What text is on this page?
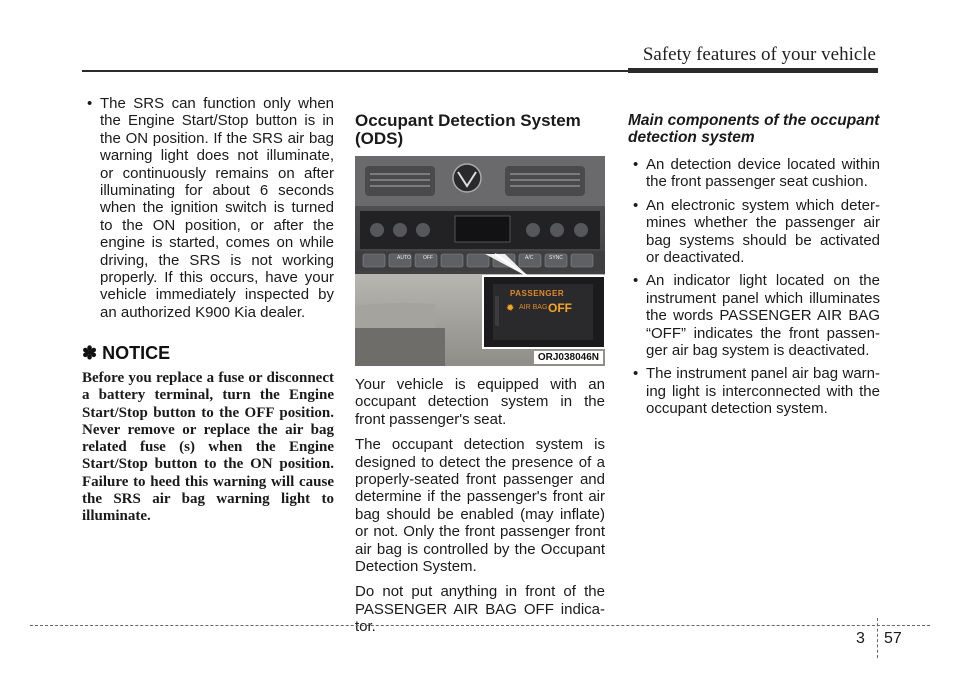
Safety features of your vehicle
• The SRS can function only when the Engine Start/Stop button is in the ON position. If the SRS air bag warning light does not illuminate, or continuously remains on after illuminating for about 6 seconds when the ignition switch is turned to the ON position, or after the engine is started, comes on while driving, the SRS is not working properly. If this occurs, have your vehicle immediately inspected by an authorized K900 Kia dealer.
✽ NOTICE

Before you replace a fuse or disconnect a battery terminal, turn the Engine Start/Stop button to the OFF position. Never remove or replace the air bag related fuse (s) when the Engine Start/Stop button to the ON position. Failure to heed this warning will cause the SRS air bag warning light to illuminate.

Occupant Detection System (ODS)
PASSENGER
✹ AIR BAG OFF
AUTO OFF	A/C	SYNC
ORJ038046N

Your vehicle is equipped with an occupant detection system in the front passenger's seat.

The occupant detection system is designed to detect the presence of a properly-seated front passenger and determine if the passenger's front air bag should be enabled (may inflate) or not. Only the front passenger front air bag is controlled by the Occupant Detection System.

Do not put anything in front of the PASSENGER AIR BAG OFF indicator.

Main components of the occupant detection system
• An detection device located within the front passenger seat cushion.
• An electronic system which determines whether the passenger air bag systems should be activated or deactivated.
• An indicator light located on the instrument panel which illuminates the words PASSENGER AIR BAG “OFF” indicates the front passenger air bag system is deactivated.
• The instrument panel air bag warning light is interconnected with the occupant detection system.
3 57
